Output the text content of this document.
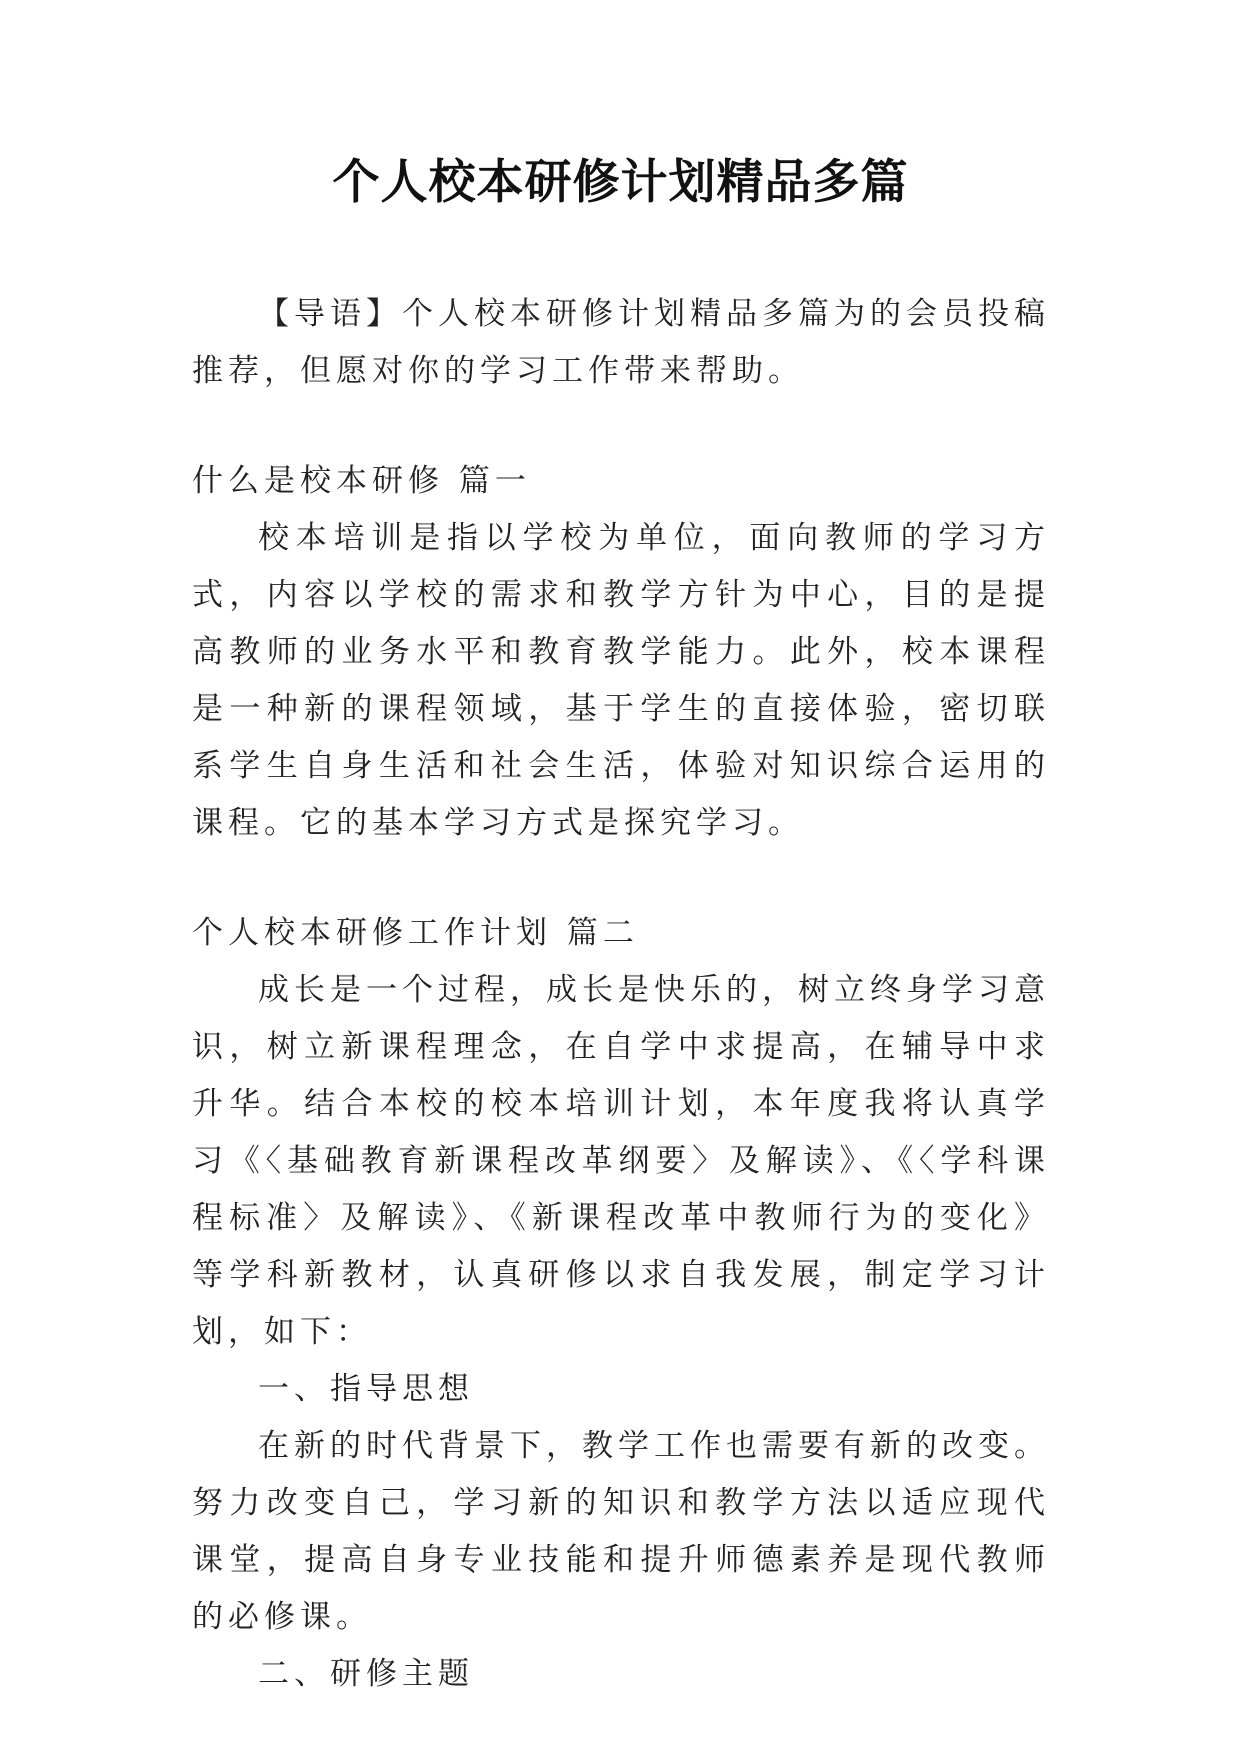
个人校本研修计划精品多篇

【导语】个人校本研修计划精品多篇为的会员投稿推荐，但愿对你的学习工作带来帮助。

什么是校本研修 篇一

校本培训是指以学校为单位，面向教师的学习方式，内容以学校的需求和教学方针为中心，目的是提高教师的业务水平和教育教学能力。此外，校本课程是一种新的课程领域，基于学生的直接体验，密切联系学生自身生活和社会生活，体验对知识综合运用的课程。它的基本学习方式是探究学习。

个人校本研修工作计划 篇二

成长是一个过程，成长是快乐的，树立终身学习意识，树立新课程理念，在自学中求提高，在辅导中求升华。结合本校的校本培训计划，本年度我将认真学习《〈基础教育新课程改革纲要〉及解读》、《〈学科课程标准〉及解读》、《新课程改革中教师行为的变化》等学科新教材，认真研修以求自我发展，制定学习计划，如下：

一、指导思想

在新的时代背景下，教学工作也需要有新的改变。努力改变自己，学习新的知识和教学方法以适应现代课堂，提高自身专业技能和提升师德素养是现代教师的必修课。

二、研修主题
